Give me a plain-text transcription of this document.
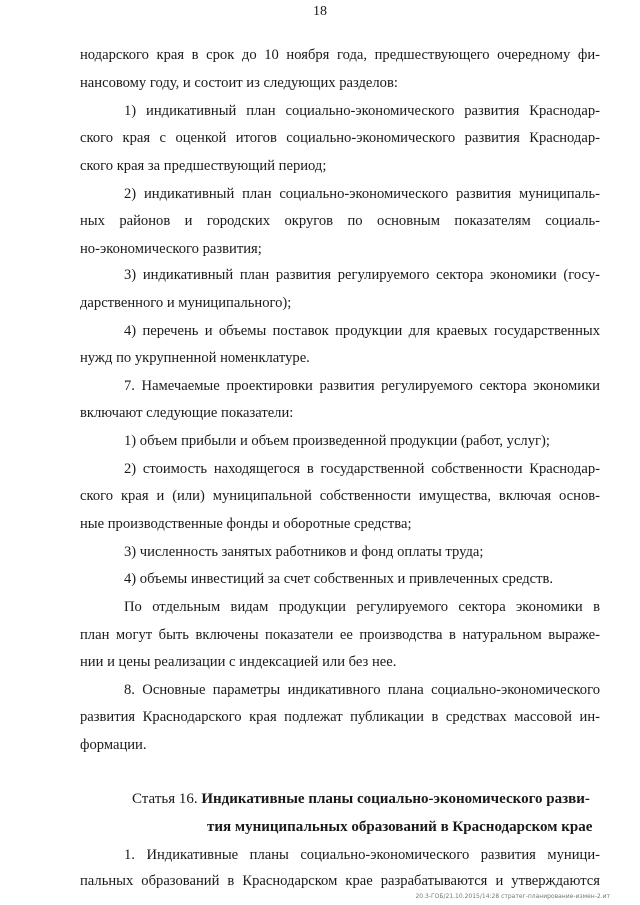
18
нодарского края в срок до 10 ноября года, предшествующего очередному фи-
нансовому году, и состоит из следующих разделов:
1) индикативный план социально-экономического развития Краснодар-
ского края с оценкой итогов социально-экономического развития Краснодар-
ского края за предшествующий период;
2) индикативный план социально-экономического развития муниципаль-
ных районов и городских округов по основным показателям социаль-
но-экономического развития;
3) индикативный план развития регулируемого сектора экономики (госу-
дарственного и муниципального);
4) перечень и объемы поставок продукции для краевых государственных
нужд по укрупненной номенклатуре.
7. Намечаемые проектировки развития регулируемого сектора экономики
включают следующие показатели:
1) объем прибыли и объем произведенной продукции (работ, услуг);
2) стоимость находящегося в государственной собственности Краснодар-
ского края и (или) муниципальной собственности имущества, включая основ-
ные производственные фонды и оборотные средства;
3) численность занятых работников и фонд оплаты труда;
4) объемы инвестиций за счет собственных и привлеченных средств.
По отдельным видам продукции регулируемого сектора экономики в
план могут быть включены показатели ее производства в натуральном выраже-
нии и цены реализации с индексацией или без нее.
8. Основные параметры индикативного плана социально-экономического
развития Краснодарского края подлежат публикации в средствах массовой ин-
формации.
Статья 16. Индикативные планы социально-экономического разви-
тия муниципальных образований в Краснодарском крае
1. Индикативные планы социально-экономического развития муници-
пальных образований в Краснодарском крае разрабатываются и утверждаются
20.3-ГОБ/21.10.2015/14:28 стратег-планирование-измен-2.ит
